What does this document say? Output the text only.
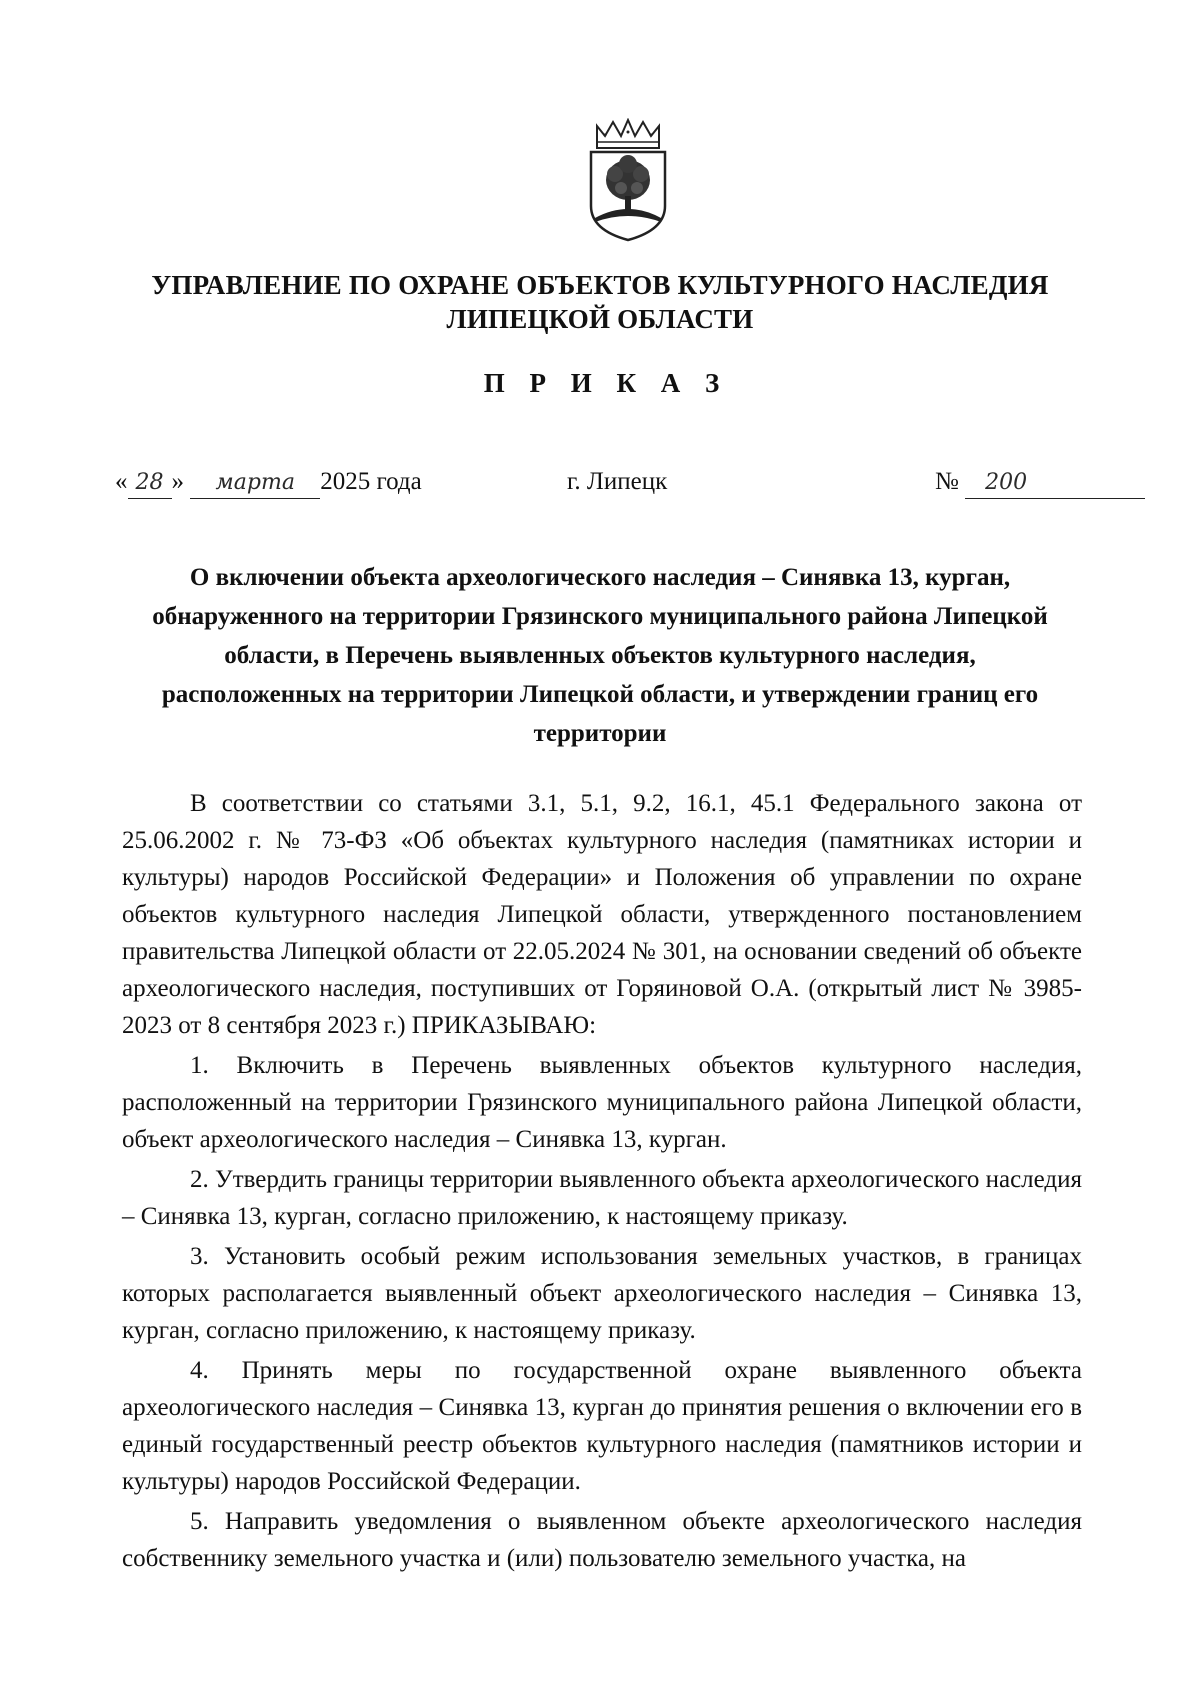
УПРАВЛЕНИЕ ПО ОХРАНЕ ОБЪЕКТОВ КУЛЬТУРНОГО НАСЛЕДИЯ
ЛИПЕЦКОЙ ОБЛАСТИ
П Р И К А З
« 28 » марта 2025 года	г. Липецк	№ 200
О включении объекта археологического наследия – Синявка 13, курган,
обнаруженного на территории Грязинского муниципального района Липецкой
области, в Перечень выявленных объектов культурного наследия,
расположенных на территории Липецкой области, и утверждении границ его
территории

В соответствии со статьями 3.1, 5.1, 9.2, 16.1, 45.1 Федерального закона от 25.06.2002 г. № 73-ФЗ «Об объектах культурного наследия (памятниках истории и культуры) народов Российской Федерации» и Положения об управлении по охране объектов культурного наследия Липецкой области, утвержденного постановлением правительства Липецкой области от 22.05.2024 № 301, на основании сведений об объекте археологического наследия, поступивших от Горяиновой О.А. (открытый лист № 3985-2023 от 8 сентября 2023 г.) ПРИКАЗЫВАЮ:

1. Включить в Перечень выявленных объектов культурного наследия, расположенный на территории Грязинского муниципального района Липецкой области, объект археологического наследия – Синявка 13, курган.

2. Утвердить границы территории выявленного объекта археологического наследия – Синявка 13, курган, согласно приложению, к настоящему приказу.

3. Установить особый режим использования земельных участков, в границах которых располагается выявленный объект археологического наследия – Синявка 13, курган, согласно приложению, к настоящему приказу.

4. Принять меры по государственной охране выявленного объекта археологического наследия – Синявка 13, курган до принятия решения о включении его в единый государственный реестр объектов культурного наследия (памятников истории и культуры) народов Российской Федерации.

5. Направить уведомления о выявленном объекте археологического наследия собственнику земельного участка и (или) пользователю земельного участка, на
